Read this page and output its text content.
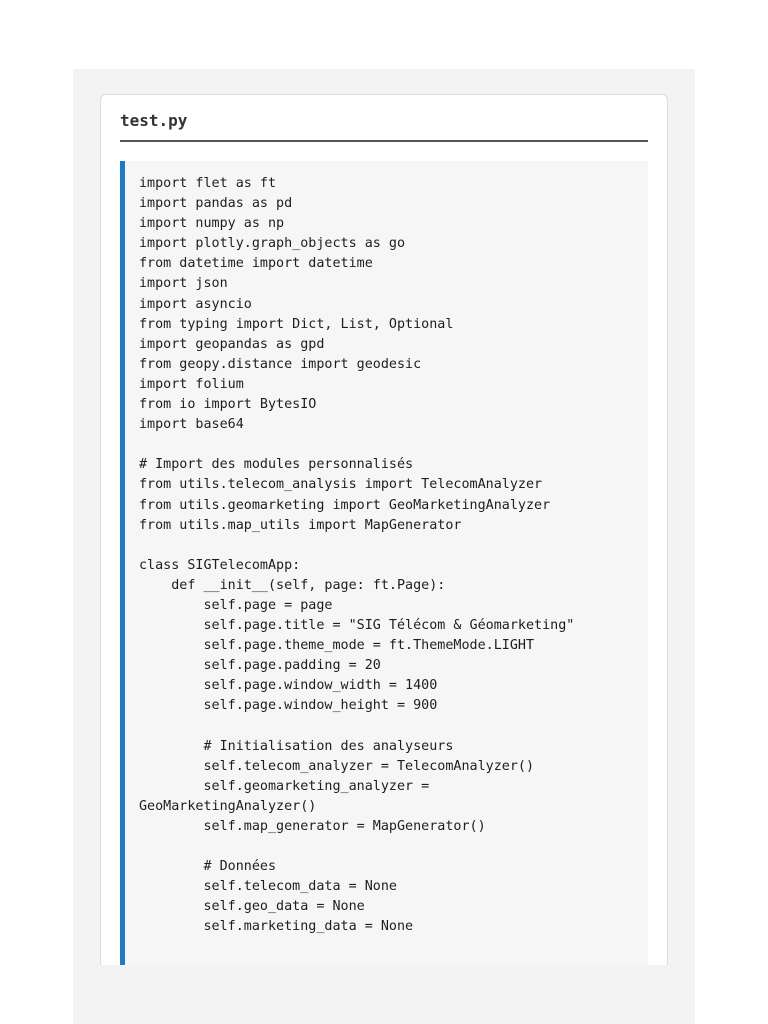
test.py
import flet as ft
import pandas as pd
import numpy as np
import plotly.graph_objects as go
from datetime import datetime
import json
import asyncio
from typing import Dict, List, Optional
import geopandas as gpd
from geopy.distance import geodesic
import folium
from io import BytesIO
import base64

# Import des modules personnalisés
from utils.telecom_analysis import TelecomAnalyzer
from utils.geomarketing import GeoMarketingAnalyzer
from utils.map_utils import MapGenerator

class SIGTelecomApp:
def __init__(self, page: ft.Page):
self.page = page
self.page.title = "SIG Télécom & Géomarketing"
self.page.theme_mode = ft.ThemeMode.LIGHT
self.page.padding = 20
self.page.window_width = 1400
self.page.window_height = 900

# Initialisation des analyseurs
self.telecom_analyzer = TelecomAnalyzer()
self.geomarketing_analyzer =
GeoMarketingAnalyzer()
self.map_generator = MapGenerator()

# Données
self.telecom_data = None
self.geo_data = None
self.marketing_data = None
